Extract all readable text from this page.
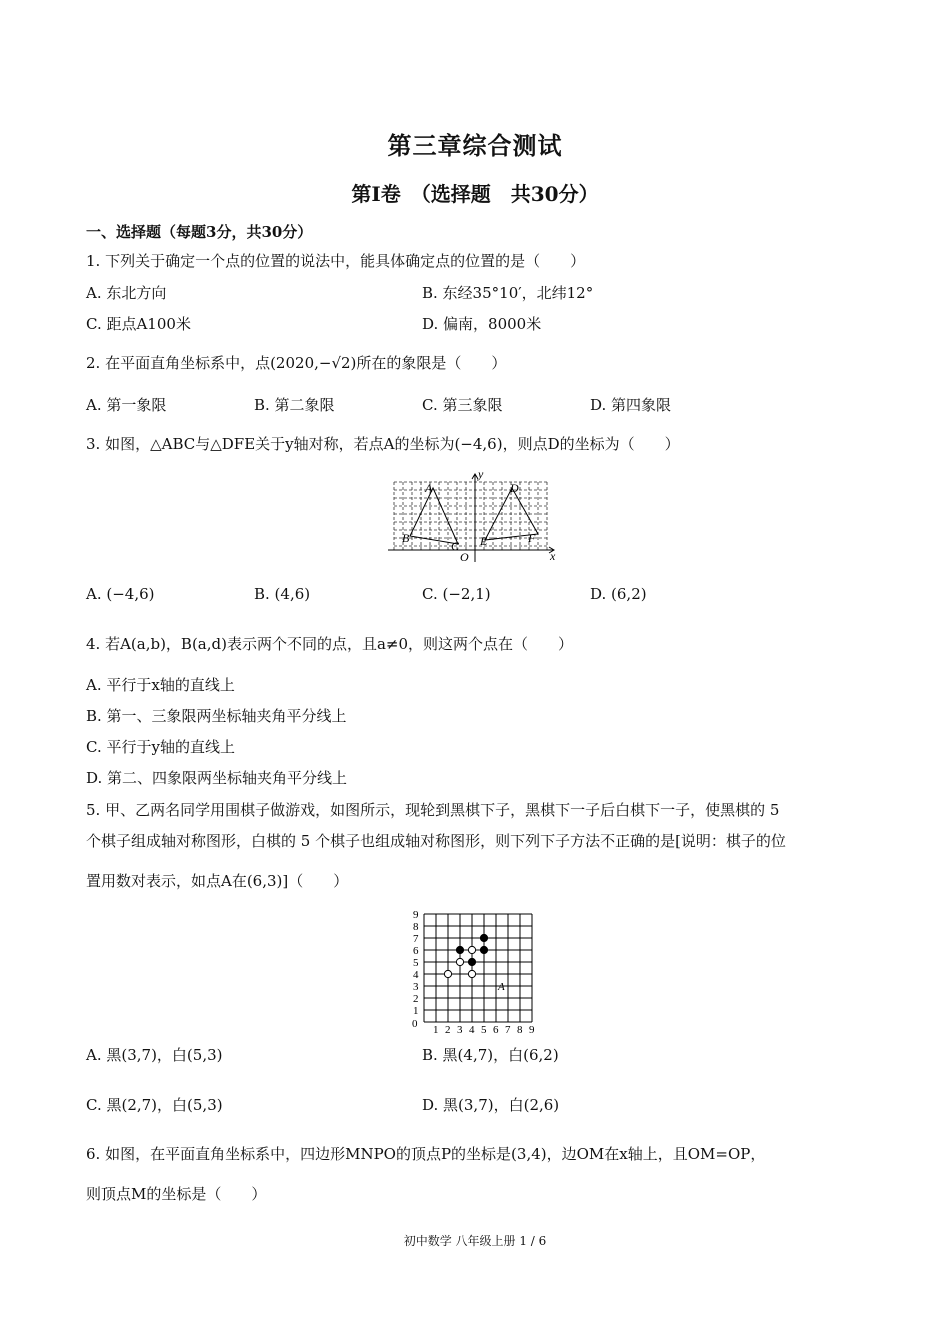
第三章综合测试
第Ⅰ卷　（选择题　共30分）
一、选择题（每题3分，共30分）
1. 下列关于确定一个点的位置的说法中，能具体确定点的位置的是（　　）
A. 东北方向	B. 东经35°10′，北纬12°
C. 距点A100米	D. 偏南，8000米
2. 在平面直角坐标系中，点(2020,−√2)所在的象限是（　　）
A. 第一象限	B. 第二象限	C. 第三象限	D. 第四象限
3. 如图，△ABC与△DFE关于y轴对称，若点A的坐标为(−4,6)，则点D的坐标为（　　）
y
A	D
B	E	F
C
O	x
A. (−4,6)	B. (4,6)	C. (−2,1)	D. (6,2)
4. 若A(a,b)，B(a,d)表示两个不同的点，且a≠0，则这两个点在（　　）
A. 平行于x轴的直线上
B. 第一、三象限两坐标轴夹角平分线上
C. 平行于y轴的直线上
D. 第二、四象限两坐标轴夹角平分线上
5. 甲、乙两名同学用围棋子做游戏，如图所示，现轮到黑棋下子，黑棋下一子后白棋下一子，使黑棋的 5
个棋子组成轴对称图形，白棋的 5 个棋子也组成轴对称图形，则下列下子方法不正确的是[说明：棋子的位
置用数对表示，如点A在(6,3)]（　　）
9
8
7
6
5
4
3
2
1
1 2 3 4 5 6 7 8 9
0
A
A. 黑(3,7)，白(5,3)	B. 黑(4,7)，白(6,2)
C. 黑(2,7)，白(5,3)	D. 黑(3,7)，白(2,6)
6. 如图，在平面直角坐标系中，四边形MNPO的顶点P的坐标是(3,4)，边OM在x轴上，且OM=OP，
则顶点M的坐标是（　　）
初中数学 八年级上册 1 / 6
